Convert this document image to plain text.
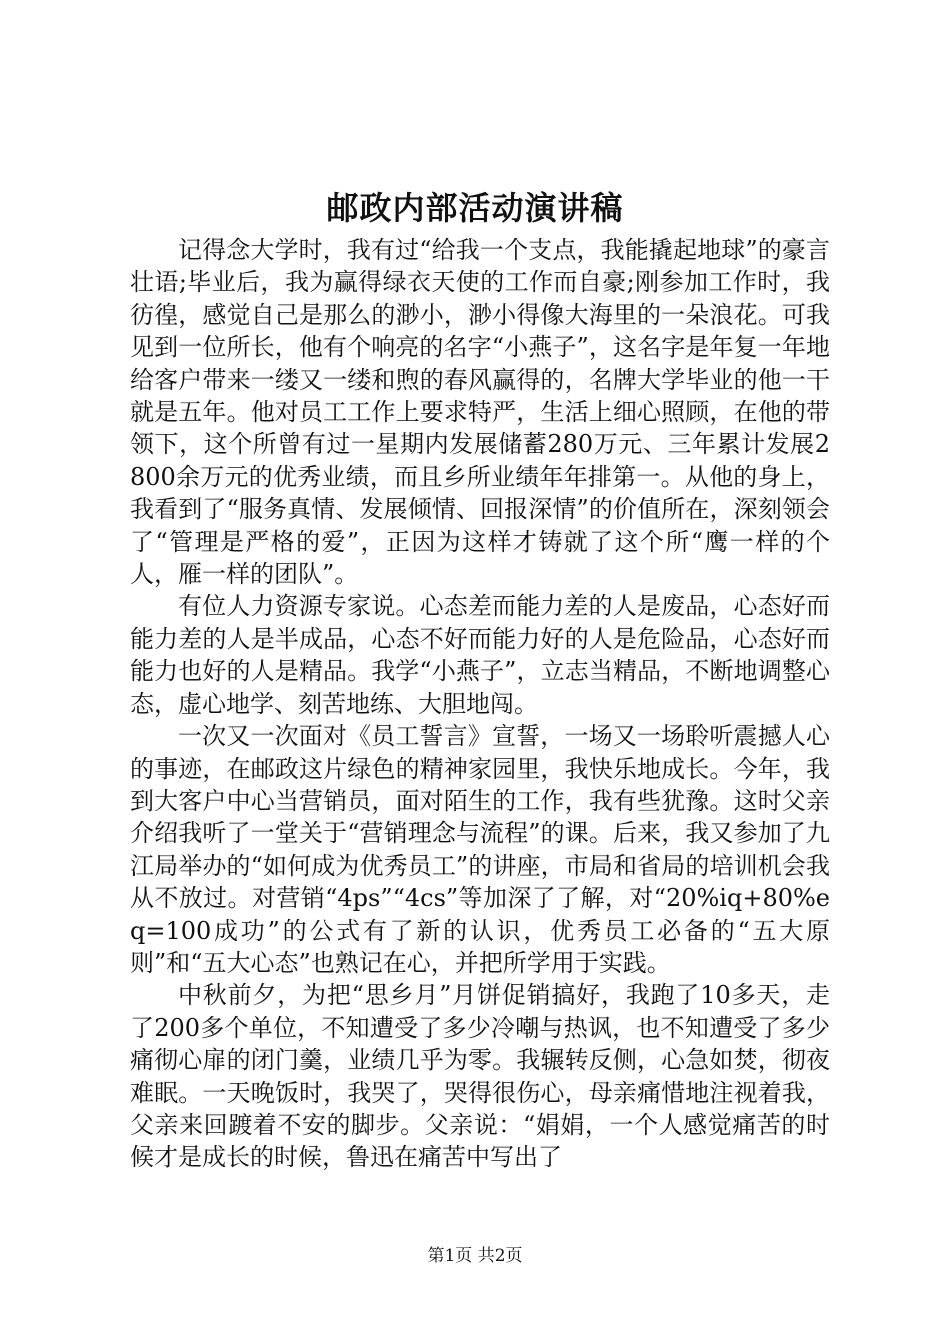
邮政内部活动演讲稿

记得念大学时，我有过“给我一个支点，我能撬起地球”的豪言壮语;毕业后，我为赢得绿衣天使的工作而自豪;刚参加工作时，我彷徨，感觉自己是那么的渺小，渺小得像大海里的一朵浪花。可我见到一位所长，他有个响亮的名字“小燕子”，这名字是年复一年地给客户带来一缕又一缕和煦的春风赢得的，名牌大学毕业的他一干就是五年。他对员工工作上要求特严，生活上细心照顾，在他的带领下，这个所曾有过一星期内发展储蓄280万元、三年累计发展2800余万元的优秀业绩，而且乡所业绩年年排第一。从他的身上，我看到了“服务真情、发展倾情、回报深情”的价值所在，深刻领会了“管理是严格的爱”，正因为这样才铸就了这个所“鹰一样的个人，雁一样的团队”。

有位人力资源专家说。心态差而能力差的人是废品，心态好而能力差的人是半成品，心态不好而能力好的人是危险品，心态好而能力也好的人是精品。我学“小燕子”，立志当精品，不断地调整心态，虚心地学、刻苦地练、大胆地闯。

一次又一次面对《员工誓言》宣誓，一场又一场聆听震撼人心的事迹，在邮政这片绿色的精神家园里，我快乐地成长。今年，我到大客户中心当营销员，面对陌生的工作，我有些犹豫。这时父亲介绍我听了一堂关于“营销理念与流程”的课。后来，我又参加了九江局举办的“如何成为优秀员工”的讲座，市局和省局的培训机会我从不放过。对营销“4ps”“4cs”等加深了了解，对“20%iq+80%eq=100成功”的公式有了新的认识，优秀员工必备的“五大原则”和“五大心态”也熟记在心，并把所学用于实践。

中秋前夕，为把“思乡月”月饼促销搞好，我跑了10多天，走了200多个单位，不知遭受了多少冷嘲与热讽，也不知遭受了多少痛彻心扉的闭门羹，业绩几乎为零。我辗转反侧，心急如焚，彻夜难眠。一天晚饭时，我哭了，哭得很伤心，母亲痛惜地注视着我，父亲来回踱着不安的脚步。父亲说：“娟娟，一个人感觉痛苦的时候才是成长的时候，鲁迅在痛苦中写出了

第1页 共2页
